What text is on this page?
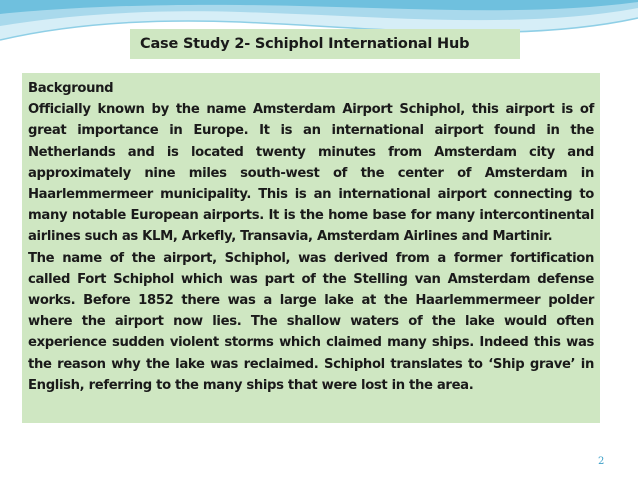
Case Study 2- Schiphol International Hub
Background

Officially known by the name Amsterdam Airport Schiphol, this airport is of great importance in Europe. It is an international airport found in the Netherlands and is located twenty minutes from Amsterdam city and approximately nine miles south-west of the center of Amsterdam in Haarlemmermeer municipality. This is an international airport connecting to many notable European airports. It is the home base for many intercontinental airlines such as KLM, Arkefly, Transavia, Amsterdam Airlines and Martinir.

The name of the airport, Schiphol, was derived from a former fortification called Fort Schiphol which was part of the Stelling van Amsterdam defense works. Before 1852 there was a large lake at the Haarlemmermeer polder where the airport now lies. The shallow waters of the lake would often experience sudden violent storms which claimed many ships. Indeed this was the reason why the lake was reclaimed. Schiphol translates to ‘Ship grave’ in English, referring to the many ships that were lost in the area.

2
